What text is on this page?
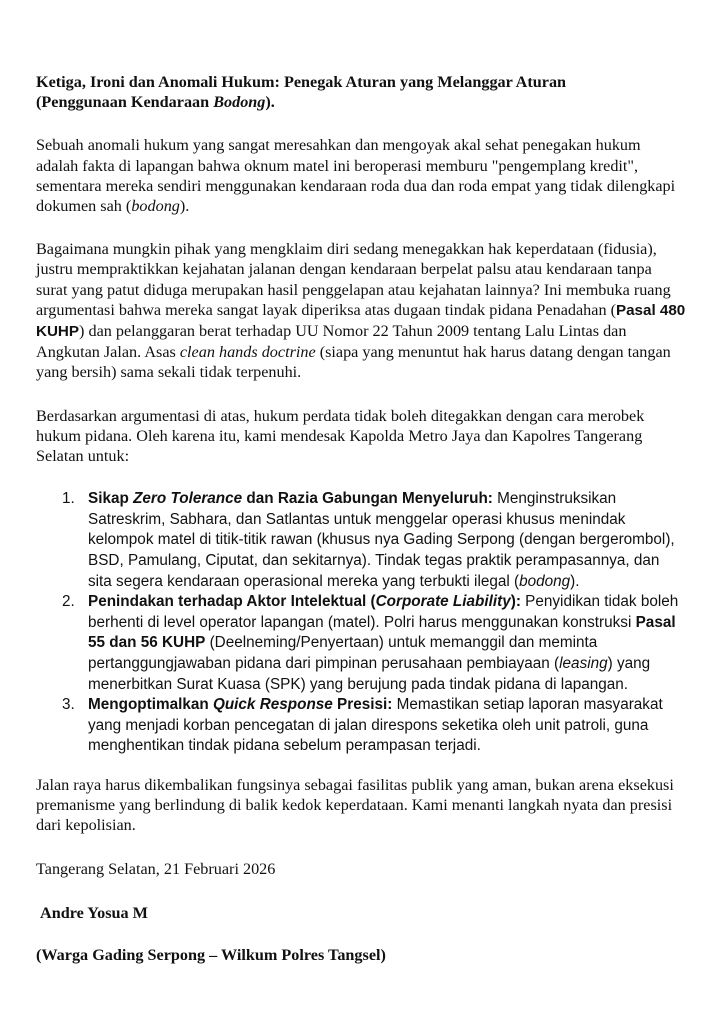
Ketiga, Ironi dan Anomali Hukum: Penegak Aturan yang Melanggar Aturan
(Penggunaan Kendaraan Bodong).

Sebuah anomali hukum yang sangat meresahkan dan mengoyak akal sehat penegakan hukum adalah fakta di lapangan bahwa oknum matel ini beroperasi memburu "pengemplang kredit", sementara mereka sendiri menggunakan kendaraan roda dua dan roda empat yang tidak dilengkapi dokumen sah (bodong).

Bagaimana mungkin pihak yang mengklaim diri sedang menegakkan hak keperdataan (fidusia), justru mempraktikkan kejahatan jalanan dengan kendaraan berpelat palsu atau kendaraan tanpa surat yang patut diduga merupakan hasil penggelapan atau kejahatan lainnya? Ini membuka ruang argumentasi bahwa mereka sangat layak diperiksa atas dugaan tindak pidana Penadahan (Pasal 480 KUHP) dan pelanggaran berat terhadap UU Nomor 22 Tahun 2009 tentang Lalu Lintas dan Angkutan Jalan. Asas clean hands doctrine (siapa yang menuntut hak harus datang dengan tangan yang bersih) sama sekali tidak terpenuhi.

Berdasarkan argumentasi di atas, hukum perdata tidak boleh ditegakkan dengan cara merobek hukum pidana. Oleh karena itu, kami mendesak Kapolda Metro Jaya dan Kapolres Tangerang Selatan untuk:

1. Sikap Zero Tolerance dan Razia Gabungan Menyeluruh: Menginstruksikan Satreskrim, Sabhara, dan Satlantas untuk menggelar operasi khusus menindak kelompok matel di titik-titik rawan (khusus nya Gading Serpong (dengan bergerombol), BSD, Pamulang, Ciputat, dan sekitarnya). Tindak tegas praktik perampasannya, dan sita segera kendaraan operasional mereka yang terbukti ilegal (bodong).
2. Penindakan terhadap Aktor Intelektual (Corporate Liability): Penyidikan tidak boleh berhenti di level operator lapangan (matel). Polri harus menggunakan konstruksi Pasal 55 dan 56 KUHP (Deelneming/Penyertaan) untuk memanggil dan meminta pertanggungjawaban pidana dari pimpinan perusahaan pembiayaan (leasing) yang menerbitkan Surat Kuasa (SPK) yang berujung pada tindak pidana di lapangan.
3. Mengoptimalkan Quick Response Presisi: Memastikan setiap laporan masyarakat yang menjadi korban pencegatan di jalan direspons seketika oleh unit patroli, guna menghentikan tindak pidana sebelum perampasan terjadi.

Jalan raya harus dikembalikan fungsinya sebagai fasilitas publik yang aman, bukan arena eksekusi premanisme yang berlindung di balik kedok keperdataan. Kami menanti langkah nyata dan presisi dari kepolisian.

Tangerang Selatan, 21 Februari 2026

Andre Yosua M

(Warga Gading Serpong – Wilkum Polres Tangsel)
